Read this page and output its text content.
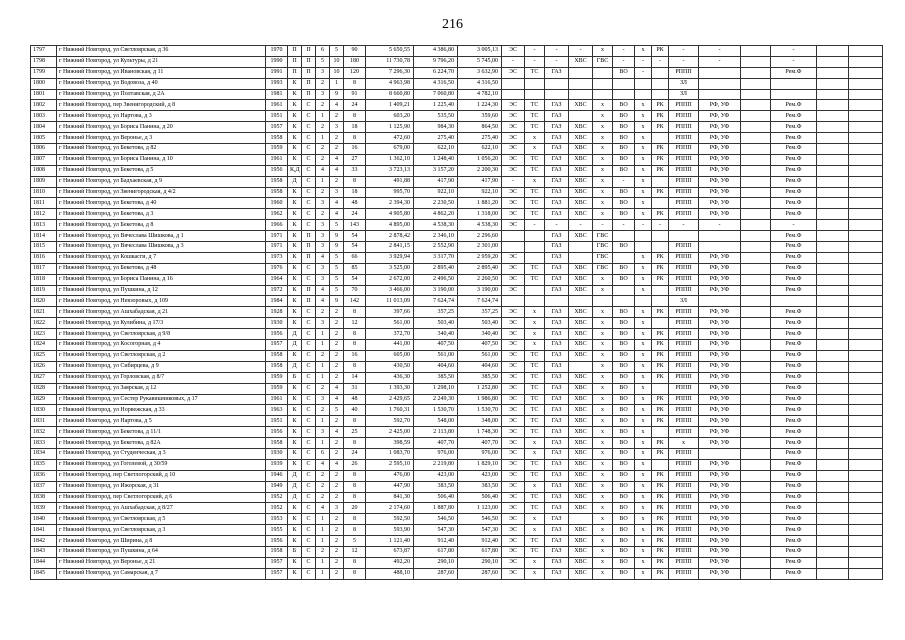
216
1797	г Нижний Новгород, ул Светлоярская, д 36	1970	П	П	6	5	90	5 650,55	4 386,80	3 005,13	ЭС	-	-	-	х	-	х	РК	-	-		-		
1798	г Нижний Новгород, ул Культуры, д 21	1990	П	П	5	10	180	11 730,78	9 796,20	5 745,00	-	-	-	ХВС	ГВС	-	-	-	-	-		-		
1799	г Нижний Новгород, ул Ивановская, д 11	1991	П	П	3	10	120	7 296,30	6 224,70	3 632,90	ЭС	ТС	ГАЗ			ВО	-		РППП			Рем.Ф		
1800	г Нижний Новгород, ул Водовоза, д 40	1993	К	П	2	1	8	4 963,98	4 316,50	4 316,50									ЗЛ					
1801	г Нижний Новгород, ул Полтавская, д 2А	1981	К	П	3	9	91	8 660,80	7 060,80	4 782,10									ЗЛ					
1802	г Нижний Новгород, пер Звенигородский, д 8	1961	К	С	2	4	24	1 409,21	1 225,40	1 224,30	ЭС	ТС	ГАЗ	ХВС	х	ВО	х	РК	РППП	РФ, УФ		Рем.Ф		
1803	г Нижний Новгород, ул Нартова, д 3	1951	К	С	1	2	8	603,20	535,50	359,60	ЭС	ТС	ГАЗ		х	ВО	х	РК	РППП	РФ, УФ		Рем.Ф		
1804	г Нижний Новгород, ул Бориса Панина, д 20	1957	К	С	2	3	18	1 125,90	984,30	864,50	ЭС	ТС	ГАЗ	ХВС	х	ВО	х	РК	РППП	РФ, УФ		Рем.Ф		
1805	г Нижний Новгород, ул Веронье, д 3	1958	К	С	1	2	8	472,60	275,40	275,40	ЭС	х	ГАЗ	ХВС	х	ВО	х		РППП	РФ, УФ		Рем.Ф		
1806	г Нижний Новгород, ул Бекетова, д 82	1959	К	С	2	2	16	679,00	622,10	622,10	ЭС	х	ГАЗ	ХВС	х	ВО	х	РК	РППП	РФ, УФ		Рем.Ф		
1807	г Нижний Новгород, ул Бориса Панина, д 10	1961	К	С	2	4	27	1 362,10	1 248,40	1 056,20	ЭС	ТС	ГАЗ	ХВС	х	ВО	х	РК	РППП	РФ, УФ		Рем.Ф		
1808	г Нижний Новгород, ул Бекетова, д 5	1956	К,Д	С	4	4	33	3 723,13	3 157,20	2 200,30	ЭС	ТС	ГАЗ	ХВС	х	ВО	х	РК	РППП	РФ, УФ		Рем.Ф		
1809	г Нижний Новгород, ул Бадхаевская, д 9	1958	Д	С	1	2	8	491,88	417,90	417,90	-	х	ГАЗ	ХВС	х	-	х		РППП	РФ, УФ		Рем.Ф		
1810	г Нижний Новгород, ул Звенигородская, д 4/2	1958	К	С	2	3	18	995,70	922,10	922,10	ЭС	ТС	ГАЗ	ХВС	х	ВО	х	РК	РППП	РФ, УФ		Рем.Ф		
1811	г Нижний Новгород, ул Бекетова, д 40	1960	К	С	3	4	48	2 394,30	2 230,50	1 881,20	ЭС	ТС	ГАЗ	ХВС	х	ВО	х		РППП	РФ, УФ		Рем.Ф		
1812	г Нижний Новгород, ул Бекетова, д 3	1962	К	С	2	4	24	4 905,80	4 862,20	1 318,00	ЭС	ТС	ГАЗ	ХВС	х	ВО	х	РК	РППП	РФ, УФ		Рем.Ф		
1813	г Нижний Новгород, ул Бекетова, д 8	1966	К	С	3	5	143	4 895,00	4 538,30	4 538,30	ЭС	-	-	-	-	-	-	-	-	-		-		
1814	г Нижний Новгород, ул Вячеслава Шишкова, д 1	1971	К	П	3	9	54	2 878,42	2 346,10	2 296,60			ГАЗ	ХВС	ГВС							Рем.Ф		
1815	г Нижний Новгород, ул Вячеслава Шишкова, д 3	1971	К	П	3	9	54	2 841,15	2 552,90	2 301,00			ГАЗ		ГВС	ВО			РППП			Рем.Ф		
1816	г Нижний Новгород, ул Кошкасги, д 7	1973	К	П	4	5	66	3 929,94	3 317,70	2 959,20	ЭС		ГАЗ		ГВС		х	РК	РППП	РФ, УФ		Рем.Ф		
1817	г Нижний Новгород, ул Бекетова, д 48	1976	К	С	3	5	85	3 525,00	2 895,40	2 895,40	ЭС	ТС	ГАЗ	ХВС	ГВС	ВО	х	РК	РППП	РФ, УФ		Рем.Ф		
1818	г Нижний Новгород, ул Бориса Панина, д 16	1964	К	С	3	5	54	2 672,00	2 496,50	2 260,50	ЭС	ТС	ГАЗ	ХВС	х	ВО	х	РК	РППП	РФ, УФ		Рем.Ф		
1819	г Нижний Новгород, ул Пушкина, д 12	1972	К	П	4	5	70	3 466,00	3 190,00	3 190,00	ЭС		ГАЗ	ХВС	х		х		РППП	РФ, УФ		Рем.Ф		
1820	г Нижний Новгород, ул Невзоровых, д 109	1984	К	П	4	9	142	11 013,09	7 624,74	7 624,74									ЗЛ					
1821	г Нижний Новгород, ул Ашхабадская, д 21	1928	К	С	2	2	8	397,66	357,25	357,25	ЭС	х	ГАЗ	ХВС	х	ВО	х	РК	РППП	РФ, УФ		Рем.Ф		
1822	г Нижний Новгород, ул Кулибина, д 17/3	1930	К	С	3	2	12	561,00	503,40	503,40	ЭС	х	ГАЗ	ХВС	х	ВО	х		РППП	РФ, УФ		Рем.Ф		
1823	г Нижний Новгород, ул Светлоярская, д 9/8	1956	Д	С	1	2	8	372,70	340,40	340,40	ЭС	х	ГАЗ	ХВС	х	ВО	х	РК	РППП	РФ, УФ		Рем.Ф		
1824	г Нижний Новгород, ул Косогорная, д 4	1957	Д	С	1	2	8	441,00	407,50	407,50	ЭС	х	ГАЗ	ХВС	х	ВО	х	РК	РППП	РФ, УФ		Рем.Ф		
1825	г Нижний Новгород, ул Светлоярская, д 2	1958	К	С	2	2	16	605,00	561,00	561,00	ЭС	ТС	ГАЗ	ХВС	х	ВО	х	РК	РППП	РФ, УФ		Рем.Ф		
1826	г Нижний Новгород, ул Сибирцева, д 9	1958	Д	С	1	2	8	430,50	404,60	404,60	ЭС	ТС	ГАЗ		х	ВО	х	РК	РППП	РФ, УФ		Рем.Ф		
1827	г Нижний Новгород, ул Горловская, д 8/7	1959	Б	С	1	2	14	436,30	385,50	385,50	ЭС	ТС	ГАЗ	ХВС	х	ВО	х	РК	РППП	РФ, УФ		Рем.Ф		
1828	г Нижний Новгород, ул Заярская, д 12	1959	К	С	2	4	31	1 393,30	1 298,10	1 252,80	ЭС	ТС	ГАЗ	ХВС	х	ВО	х		РППП	РФ, УФ		Рем.Ф		
1829	г Нижний Новгород, ул Сестер Рукавишниковых, д 17	1961	К	С	3	4	48	2 429,65	2 249,30	1 986,80	ЭС	ТС	ГАЗ	ХВС	х	ВО	х	РК	РППП	РФ, УФ		Рем.Ф		
1830	г Нижний Новгород, ул Норвежская, д 33	1963	К	С	2	5	40	1 760,31	1 530,70	1 530,70	ЭС	ТС	ГАЗ	ХВС	х	ВО	х	РК	РППП	РФ, УФ		Рем.Ф		
1831	г Нижний Новгород, ул Нартова, д 5	1951	К	С	1	2	8	592,70	548,00	348,00	ЭС	ТС	ГАЗ	ХВС	х	ВО	х	РК	РППП	РФ, УФ		Рем.Ф		
1832	г Нижний Новгород, ул Бекетова, д 11/1	1956	К	С	3	4	25	2 425,00	2 113,80	1 748,30	ЭС	ТС	ГАЗ	ХВС	х	ВО	х		РППП	РФ, УФ		Рем.Ф		
1833	г Нижний Новгород, ул Бекетова, д 82А	1958	К	С	1	2	8	398,59	407,70	407,70	ЭС	х	ГАЗ	ХВС	х	ВО	х	РК	х	РФ, УФ		Рем.Ф		
1834	г Нижний Новгород, ул Студенческая, д 3	1930	К	С	6	2	24	1 083,70	976,00	976,00	ЭС	х	ГАЗ	ХВС	х	ВО	х	РК	РППП			Рем.Ф		
1835	г Нижний Новгород, ул Гоголевой, д 30/59	1939	К	С	4	4	26	2 595,10	2 219,80	1 829,10	ЭС	ТС	ГАЗ	ХВС	х	ВО	х		РППП	РФ, УФ		Рем.Ф		
1836	г Нижний Новгород, пер Светлогорский, д 10	1946	Д	С	2	2	8	476,00	423,00	423,00	ЭС	ТС	ГАЗ	ХВС	х	ВО	х	РК	РППП	РФ, УФ		Рем.Ф		
1837	г Нижний Новгород, ул Ижорская, д 31	1949	Д	С	2	2	8	447,90	383,50	383,50	ЭС	х	ГАЗ	ХВС	х	ВО	х	РК	РППП	РФ, УФ		Рем.Ф		
1838	г Нижний Новгород, пер Светлогорский, д 6	1952	Д	С	2	2	8	841,30	506,40	506,40	ЭС	ТС	ГАЗ	ХВС	х	ВО	х	РК	РППП	РФ, УФ		Рем.Ф		
1839	г Нижний Новгород, ул Ашхабадская, д 8/27	1952	К	С	4	3	20	2 174,60	1 887,80	1 123,00	ЭС	ТС	ГАЗ	ХВС	х	ВО	х	РК	РППП	РФ, УФ		Рем.Ф		
1840	г Нижний Новгород, ул Светлоярская, д 5	1953	К	С	1	2	8	592,50	546,50	546,50	ЭС	х	ГАЗ		х	ВО	х	РК	РППП	РФ, УФ		Рем.Ф		
1841	г Нижний Новгород, ул Светлоярская, д 3	1955	К	С	1	2	8	593,90	547,30	547,30	ЭС	х	ГАЗ	ХВС	х	ВО	х	РК	РППП	РФ, УФ		Рем.Ф		
1842	г Нижний Новгород, ул Ширина, д 8	1956	К	С	1	2	5	1 121,40	912,40	912,40	ЭС	ТС	ГАЗ	ХВС	х	ВО	х	РК	РППП	РФ, УФ		Рем.Ф		
1843	г Нижний Новгород, ул Пушкина, д 64	1958	Б	С	2	2	12	673,87	617,80	617,80	ЭС	ТС	ГАЗ	ХВС	х	ВО	х	РК	РППП	РФ, УФ		Рем.Ф		
1844	г Нижний Новгород, ул Веронье, д 21	1957	К	С	1	2	8	492,20	290,10	290,10	ЭС	х	ГАЗ	ХВС	х	ВО	х	РК	РППП	РФ, УФ		Рем.Ф		
1845	г Нижний Новгород, ул Самарская, д 7	1957	К	С	1	2	8	488,10	287,60	287,60	ЭС	х	ГАЗ	ХВС	х	ВО	х	РК	РППП	РФ, УФ		Рем.Ф		
